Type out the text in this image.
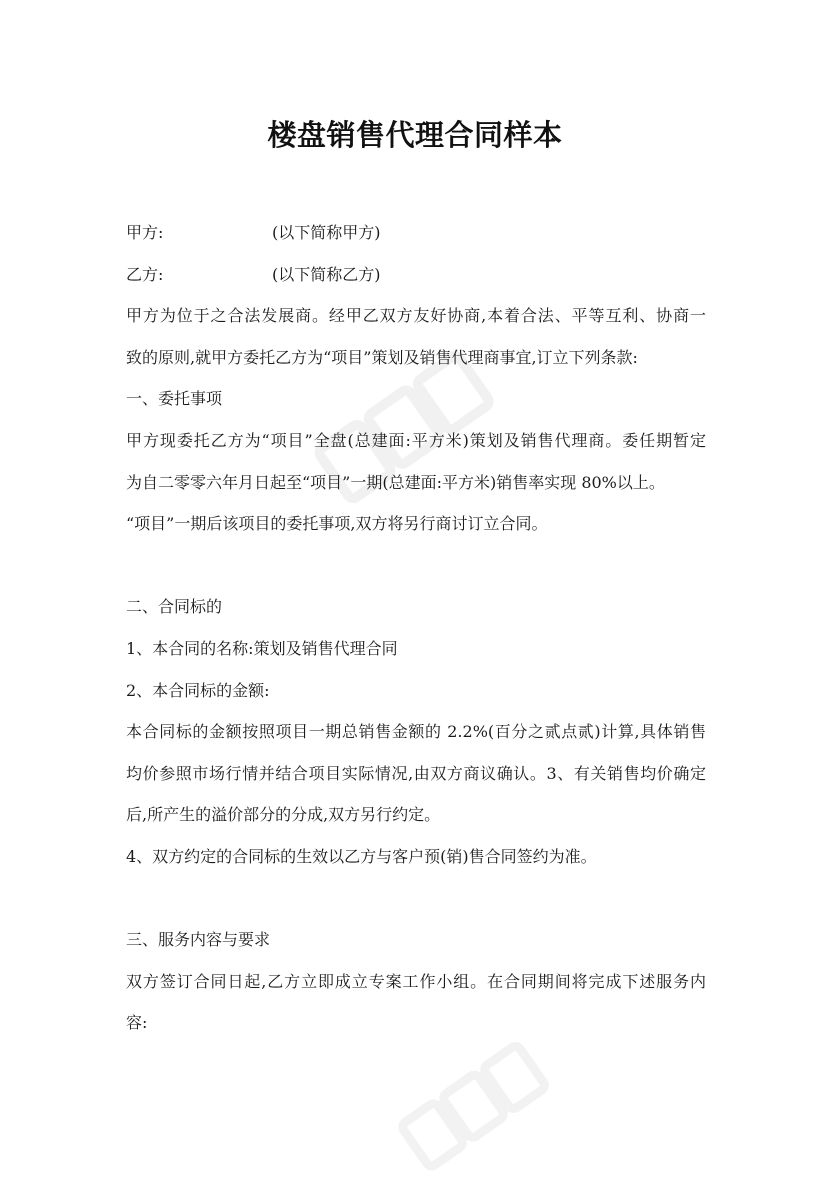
楼盘销售代理合同样本
甲方:	(以下简称甲方)
乙方:	(以下简称乙方)
甲方为位于之合法发展商。经甲乙双方友好协商,本着合法、平等互利、协商一
致的原则,就甲方委托乙方为“项目”策划及销售代理商事宜,订立下列条款:
一、委托事项
甲方现委托乙方为“项目”全盘(总建面:平方米)策划及销售代理商。委任期暂定
为自二零零六年月日起至“项目”一期(总建面:平方米)销售率实现 80%以上。
“项目”一期后该项目的委托事项,双方将另行商讨订立合同。
二、合同标的
1、本合同的名称:策划及销售代理合同
2、本合同标的金额:
本合同标的金额按照项目一期总销售金额的 2.2%(百分之贰点贰)计算,具体销售
均价参照市场行情并结合项目实际情况,由双方商议确认。3、有关销售均价确定
后,所产生的溢价部分的分成,双方另行约定。
4、双方约定的合同标的生效以乙方与客户预(销)售合同签约为准。
三、服务内容与要求
双方签订合同日起,乙方立即成立专案工作小组。在合同期间将完成下述服务内
容:
